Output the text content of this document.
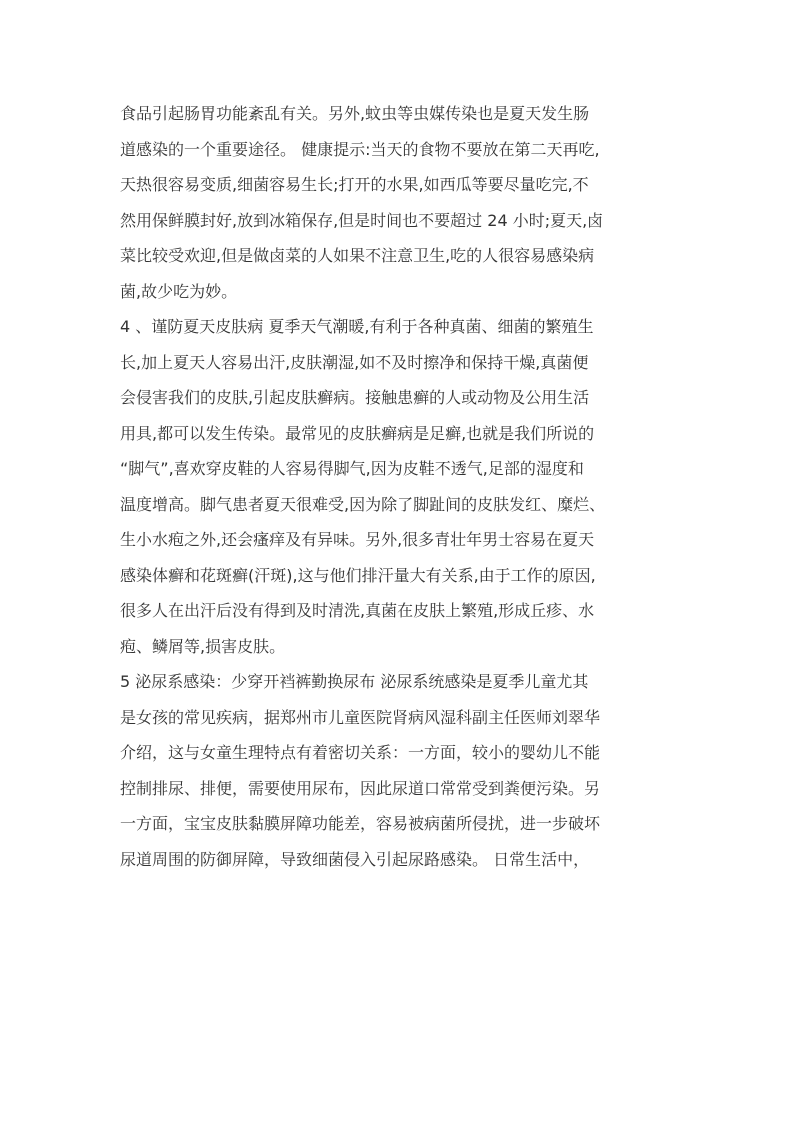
食品引起肠胃功能紊乱有关。另外,蚊虫等虫媒传染也是夏天发生肠
道感染的一个重要途径。 健康提示:当天的食物不要放在第二天再吃,
天热很容易变质,细菌容易生长;打开的水果,如西瓜等要尽量吃完,不
然用保鲜膜封好,放到冰箱保存,但是时间也不要超过 24 小时;夏天,卤
菜比较受欢迎,但是做卤菜的人如果不注意卫生,吃的人很容易感染病
菌,故少吃为妙。
4 、谨防夏天皮肤病 夏季天气潮暖,有利于各种真菌、细菌的繁殖生
长,加上夏天人容易出汗,皮肤潮湿,如不及时擦净和保持干燥,真菌便
会侵害我们的皮肤,引起皮肤癣病。接触患癣的人或动物及公用生活
用具,都可以发生传染。最常见的皮肤癣病是足癣,也就是我们所说的
“脚气”,喜欢穿皮鞋的人容易得脚气,因为皮鞋不透气,足部的湿度和
温度增高。脚气患者夏天很难受,因为除了脚趾间的皮肤发红、糜烂、
生小水疱之外,还会瘙痒及有异味。另外,很多青壮年男士容易在夏天
感染体癣和花斑癣(汗斑),这与他们排汗量大有关系,由于工作的原因,
很多人在出汗后没有得到及时清洗,真菌在皮肤上繁殖,形成丘疹、水
疱、鳞屑等,损害皮肤。
5 泌尿系感染：少穿开裆裤勤换尿布 泌尿系统感染是夏季儿童尤其
是女孩的常见疾病，据郑州市儿童医院肾病风湿科副主任医师刘翠华
介绍，这与女童生理特点有着密切关系：一方面，较小的婴幼儿不能
控制排尿、排便，需要使用尿布，因此尿道口常常受到粪便污染。另
一方面，宝宝皮肤黏膜屏障功能差，容易被病菌所侵扰，进一步破坏
尿道周围的防御屏障，导致细菌侵入引起尿路感染。 日常生活中，
